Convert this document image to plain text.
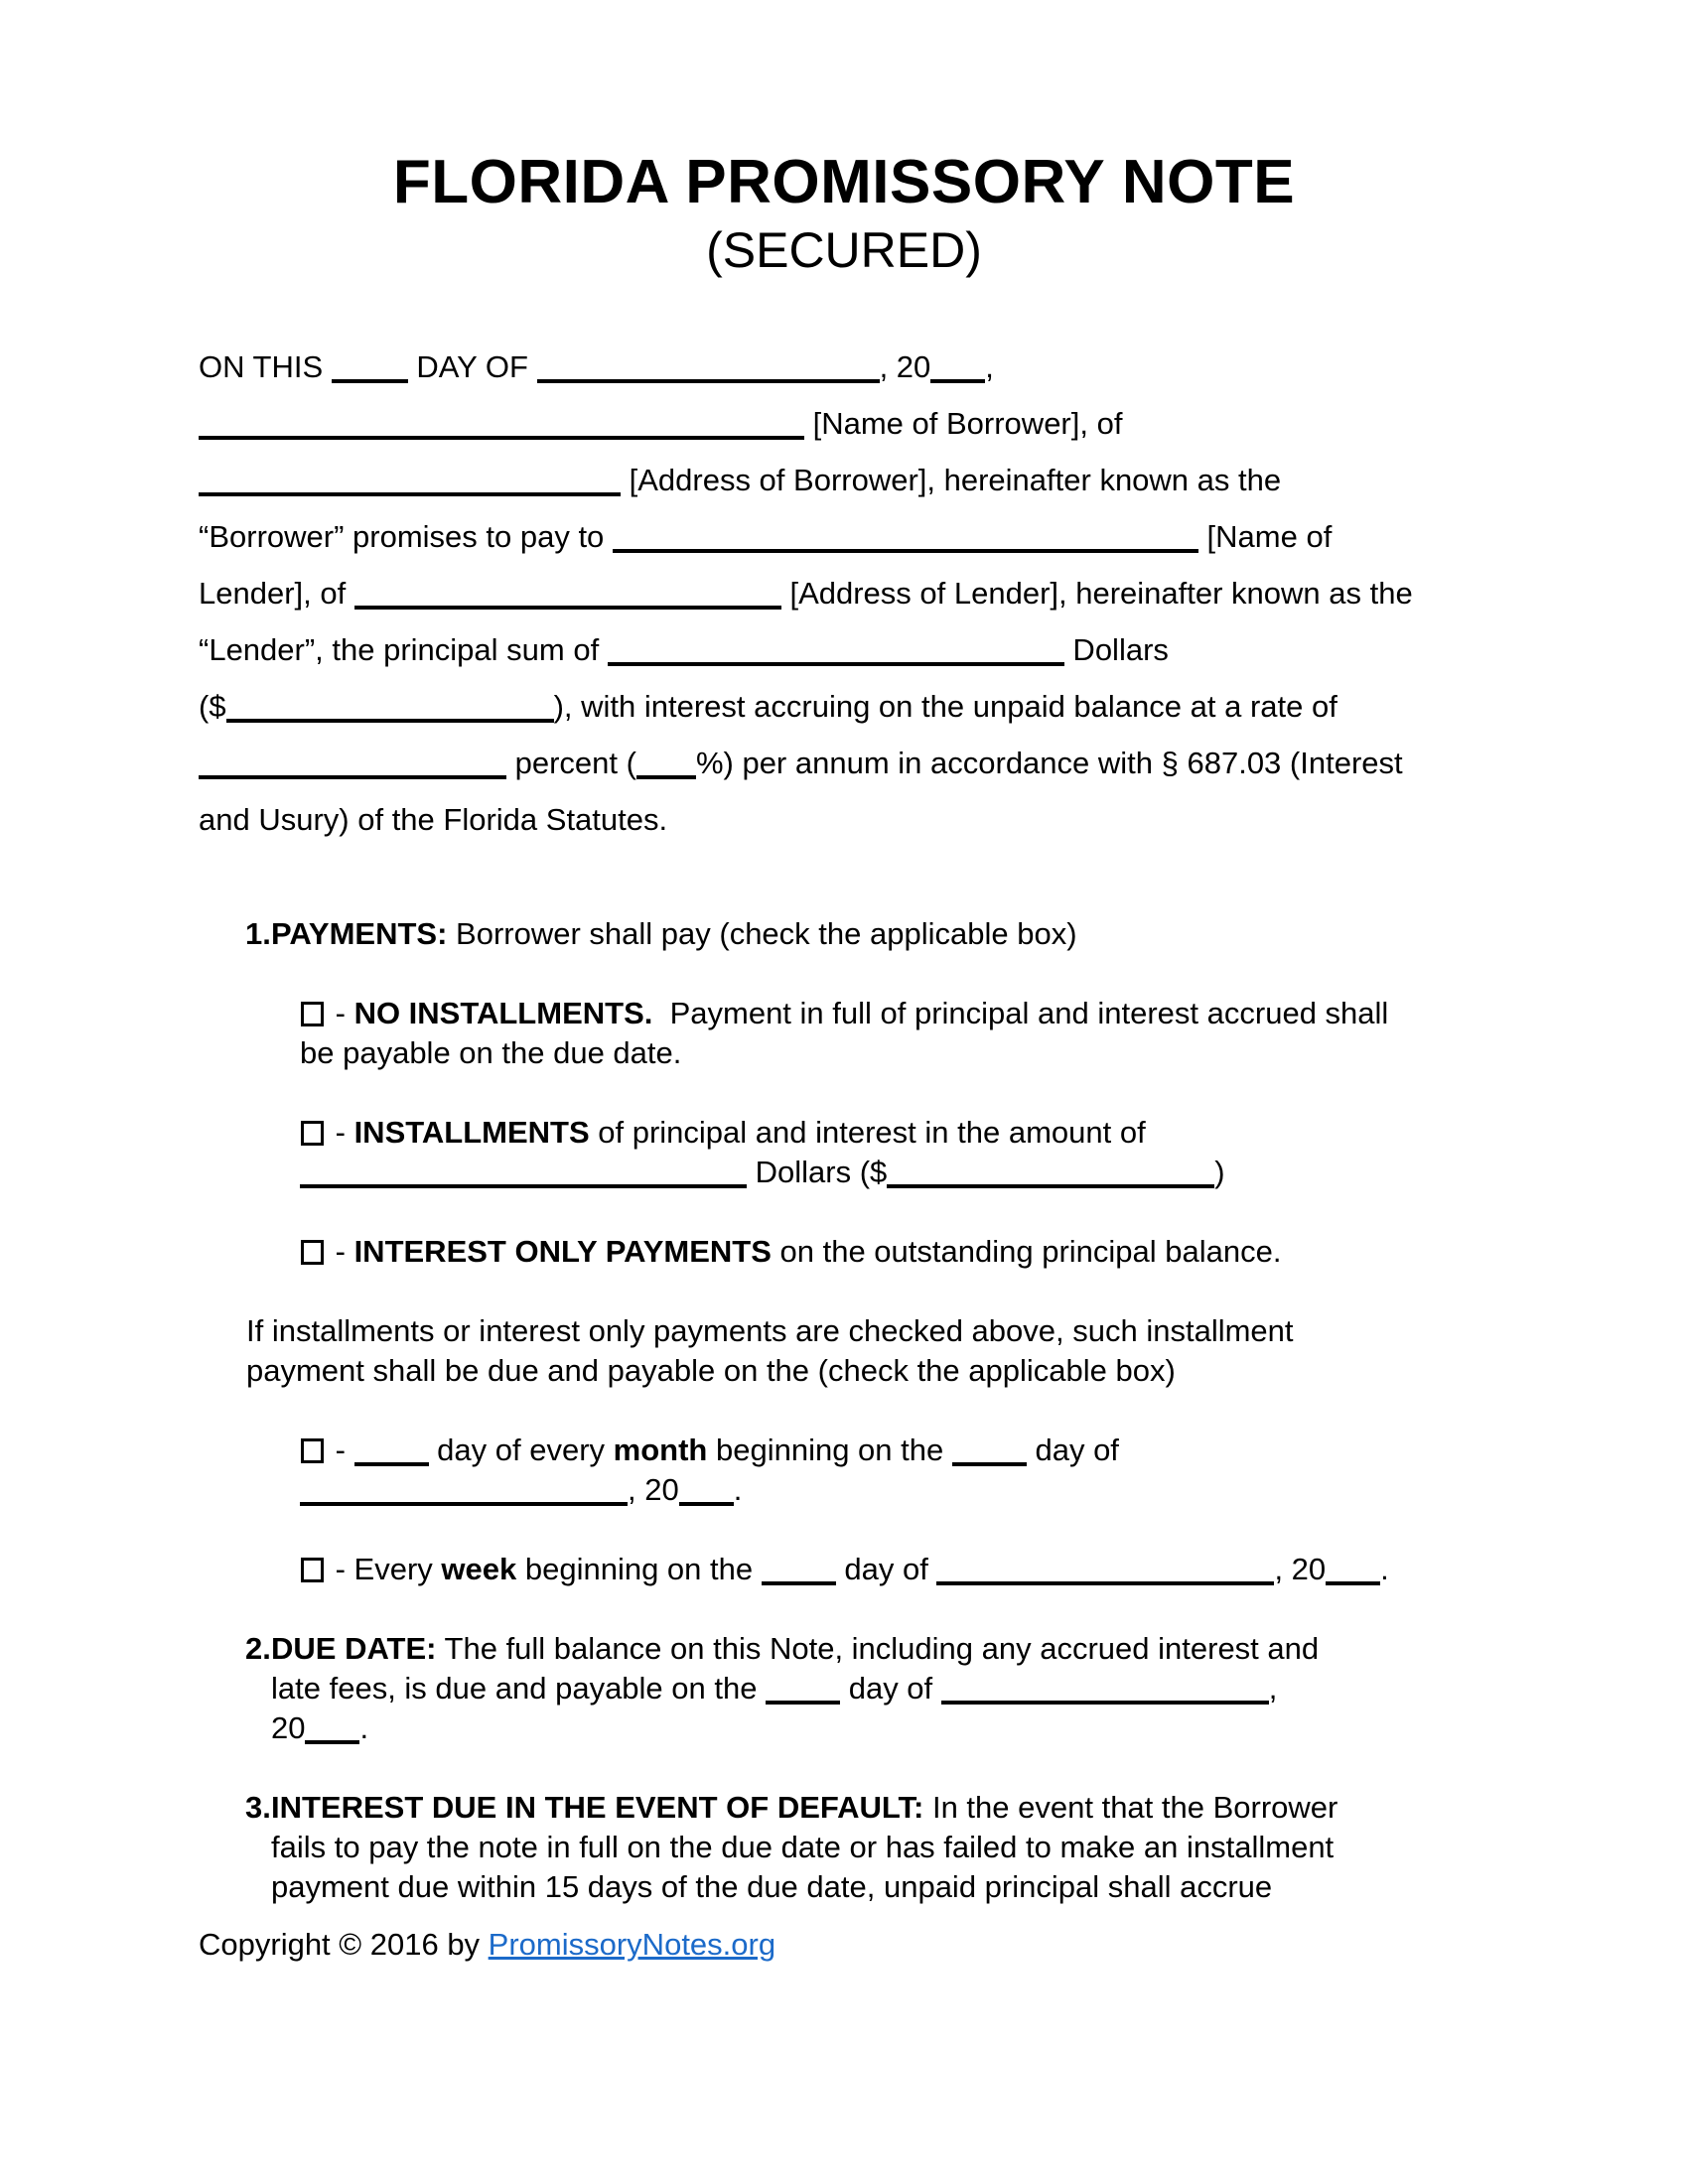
FLORIDA PROMISSORY NOTE
(SECURED)
ON THIS  DAY OF	, 20 ,
[Name of Borrower], of
[Address of Borrower], hereinafter known as the
“Borrower” promises to pay to	[Name of
Lender], of	[Address of Lender], hereinafter known as the
“Lender”, the principal sum of	Dollars
($	), with interest accruing on the unpaid balance at a rate of
percent ( %) per annum in accordance with § 687.03 (Interest
and Usury) of the Florida Statutes.
1. PAYMENTS: Borrower shall pay (check the applicable box)
- NO INSTALLMENTS.  Payment in full of principal and interest accrued shall
be payable on the due date.
- INSTALLMENTS of principal and interest in the amount of
Dollars ($	)
- INTEREST ONLY PAYMENTS on the outstanding principal balance.
If installments or interest only payments are checked above, such installment
payment shall be due and payable on the (check the applicable box)
-  day of every month beginning on the  day of
, 20 .
- Every week beginning on the  day of	, 20 .
2. DUE DATE: The full balance on this Note, including any accrued interest and
late fees, is due and payable on the  day of	,
20 .
3. INTEREST DUE IN THE EVENT OF DEFAULT: In the event that the Borrower
fails to pay the note in full on the due date or has failed to make an installment
payment due within 15 days of the due date, unpaid principal shall accrue
Copyright © 2016 by PromissoryNotes.org
